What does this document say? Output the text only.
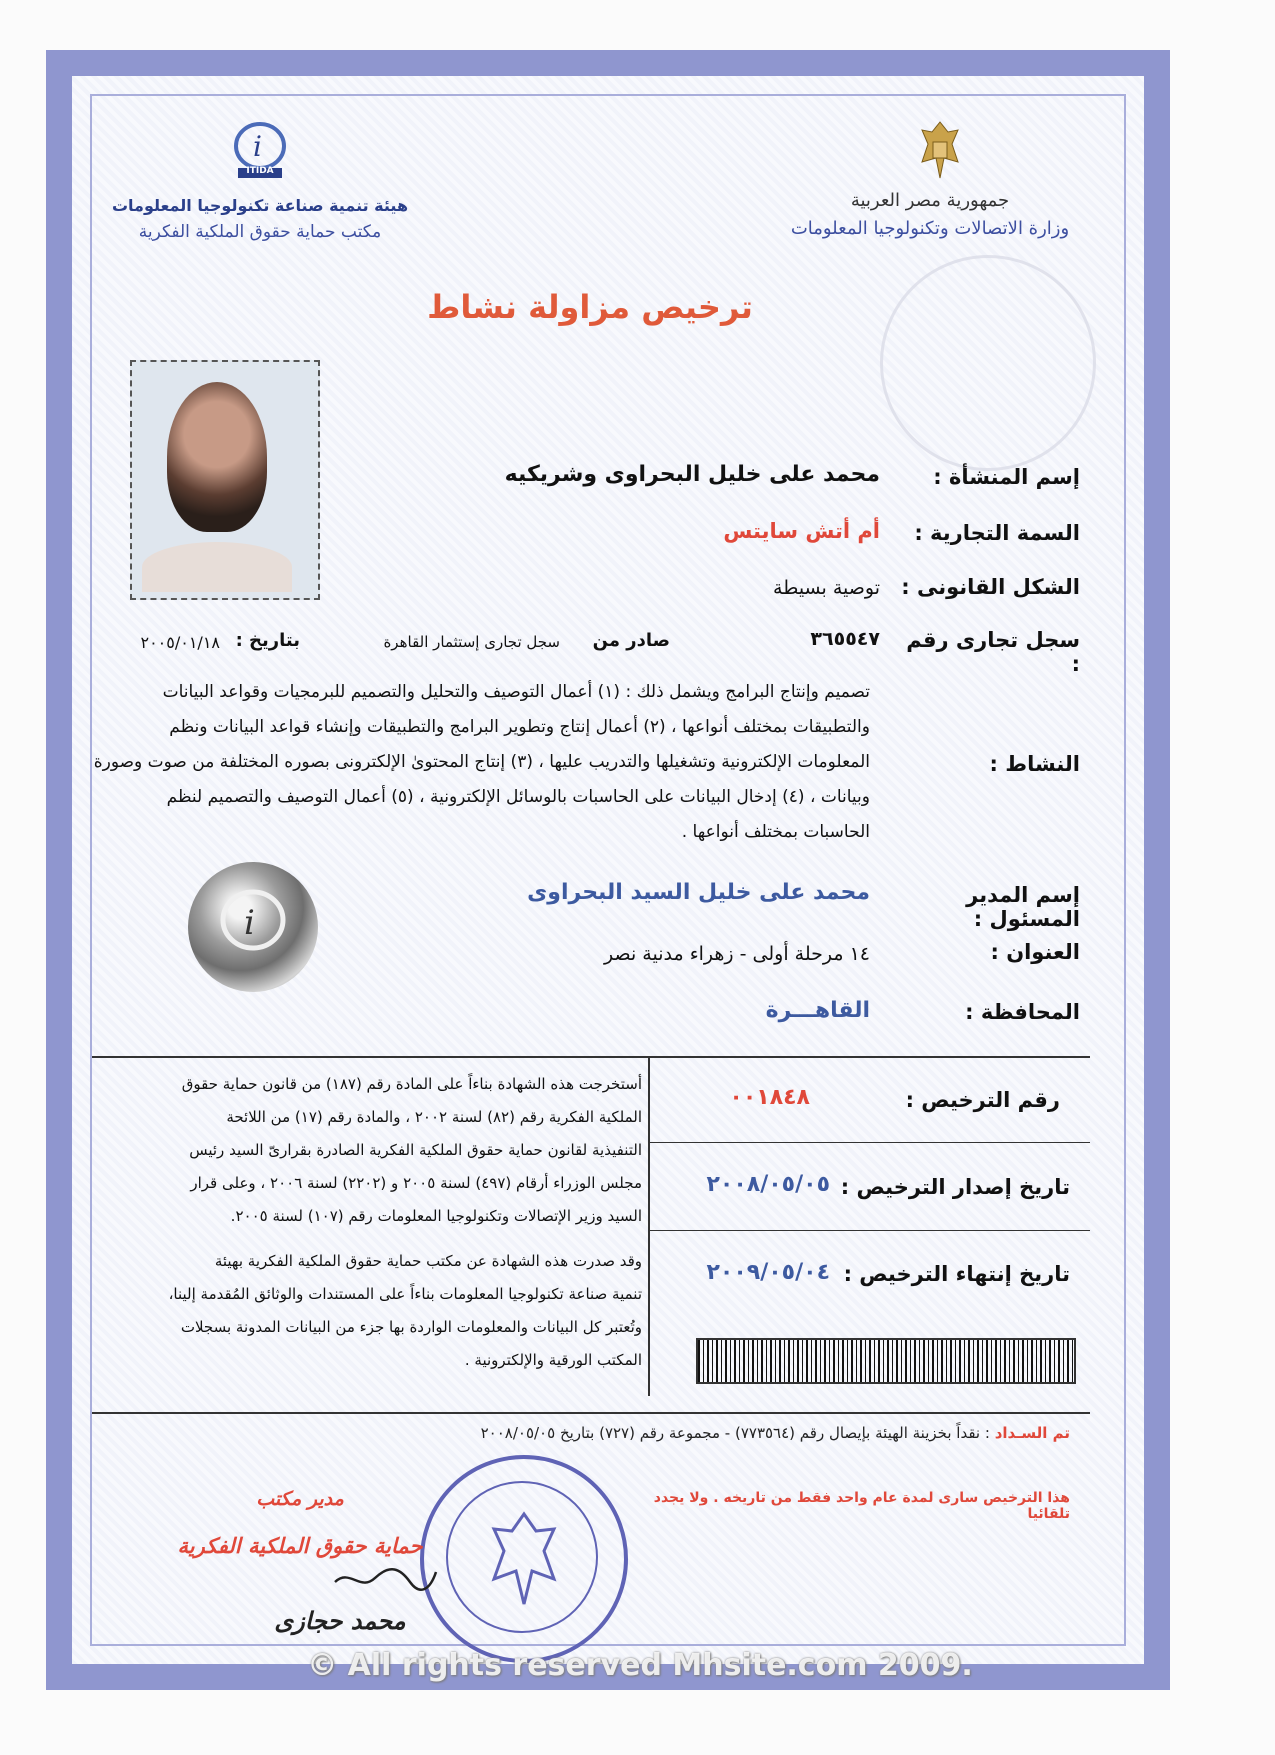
جمهورية مصر العربية
وزارة الاتصالات وتكنولوجيا المعلومات
i
ITIDA
هيئة تنمية صناعة تكنولوجيا المعلومات
مكتب حماية حقوق الملكية الفكرية
ترخيص مزاولة نشاط
إسم المنشأة :
محمد على خليل البحراوى وشريكيه
السمة التجارية :
أم أتش سايتس
الشكل القانونى :
توصية بسيطة
سجل تجارى رقم :
٣٦٥٥٤٧
صادر من
سجل تجارى إستثمار القاهرة
بتاريخ :
٢٠٠٥/٠١/١٨
النشاط :
تصميم وإنتاج البرامج ويشمل ذلك : (١) أعمال التوصيف والتحليل والتصميم للبرمجيات وقواعد البيانات
والتطبيقات بمختلف أنواعها ، (٢) أعمال إنتاج وتطوير البرامج والتطبيقات وإنشاء قواعد البيانات ونظم
المعلومات الإلكترونية وتشغيلها والتدريب عليها ، (٣) إنتاج المحتوىٰ الإلكترونى بصوره المختلفة من صوت وصورة
وبيانات ، (٤) إدخال البيانات على الحاسبات بالوسائل الإلكترونية ، (٥) أعمال التوصيف والتصميم لنظم
الحاسبات بمختلف أنواعها .
i
إسم المدير المسئول :
محمد على خليل السيد البحراوى
العنوان :
١٤ مرحلة أولى - زهراء مدنية نصر
المحافظة :
القاهـــرة
رقم الترخيص :
٠٠١٨٤٨
تاريخ إصدار الترخيص :
٢٠٠٨/٠٥/٠٥
تاريخ إنتهاء الترخيص :
٢٠٠٩/٠٥/٠٤
أستخرجت هذه الشهادة بناءاً على المادة رقم (١٨٧) من قانون حماية حقوق
الملكية الفكرية رقم (٨٢) لسنة ٢٠٠٢ ، والمادة رقم (١٧) من اللائحة
التنفيذية لقانون حماية حقوق الملكية الفكرية الصادرة بقرارىّ السيد رئيس
مجلس الوزراء أرقام (٤٩٧) لسنة ٢٠٠٥ و (٢٢٠٢) لسنة ٢٠٠٦ ، وعلى قرار
السيد وزير الإتصالات وتكنولوجيا المعلومات رقم (١٠٧) لسنة ٢٠٠٥.
وقد صدرت هذه الشهادة عن مكتب حماية حقوق الملكية الفكرية بهيئة
تنمية صناعة تكنولوجيا المعلومات بناءاً على المستندات والوثائق المُقدمة إلينا،
وتُعتبر كل البيانات والمعلومات الواردة بها جزء من البيانات المدونة بسجلات
المكتب الورقية والإلكترونية .
تم السـداد : نقداً بخزينة الهيئة بإيصال رقم (٧٧٣٥٦٤) - مجموعة رقم (٧٢٧) بتاريخ ٢٠٠٨/٠٥/٠٥
هذا الترخيص سارى لمدة عام واحد فقط من تاريخه . ولا يجدد تلقائيا
مدير مكتب
حماية حقوق الملكية الفكرية
محمد حجازى
© All rights reserved Mhsite.com 2009.
